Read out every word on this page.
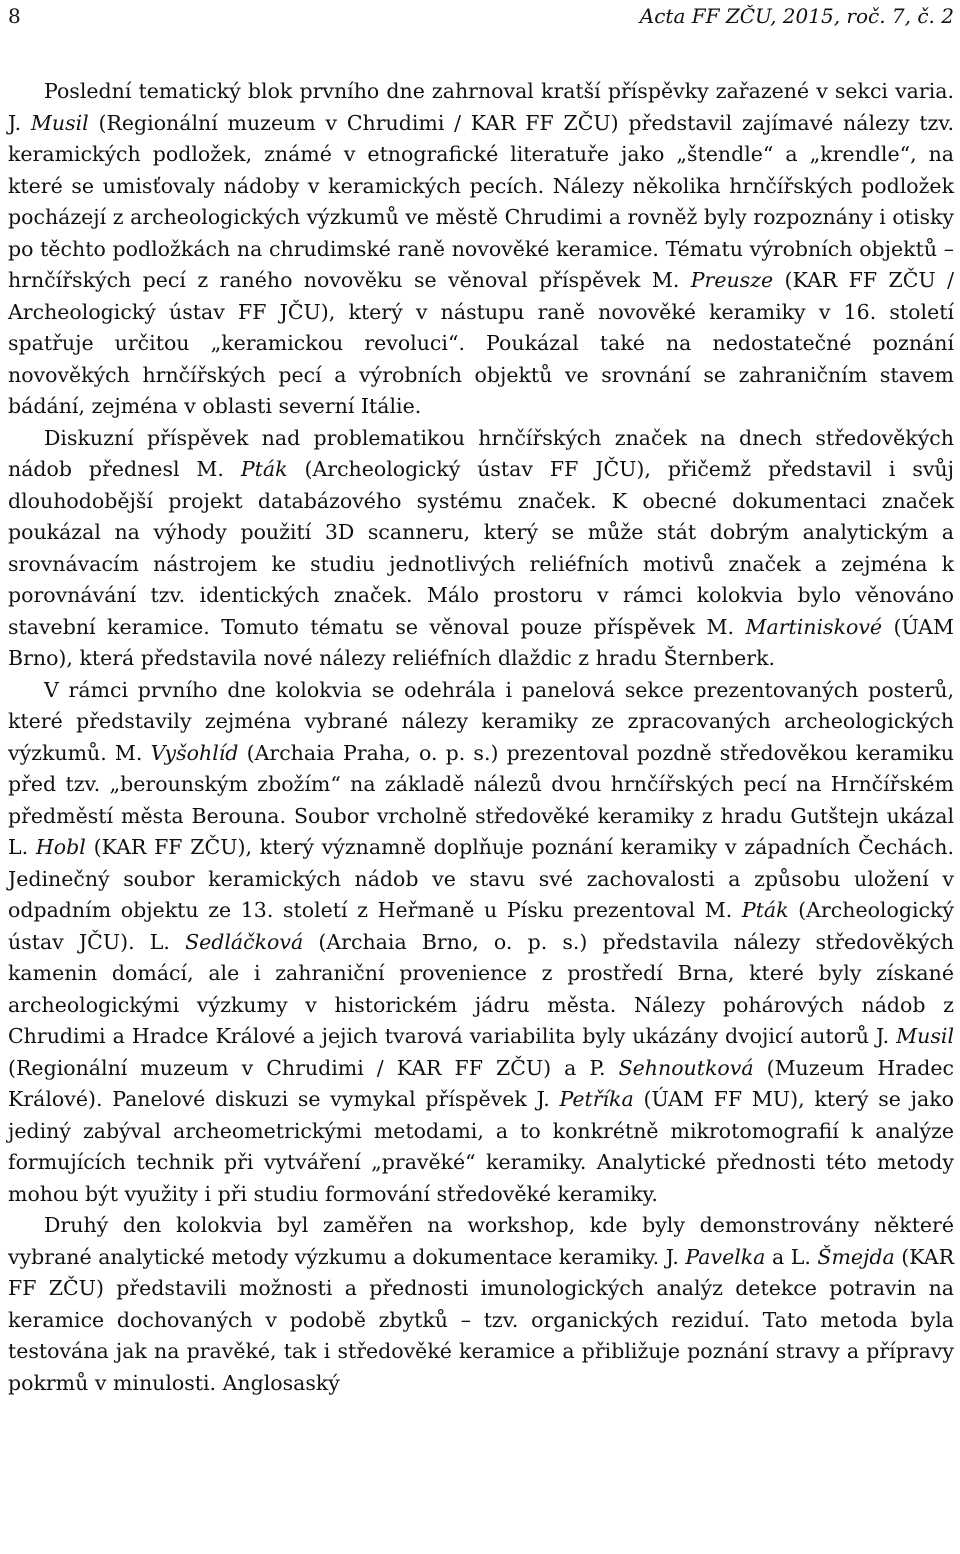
8	Acta FF ZČU, 2015, roč. 7, č. 2

Poslední tematický blok prvního dne zahrnoval kratší příspěvky zařazené v sekci varia. J. Musil (Regionální muzeum v Chrudimi / KAR FF ZČU) představil zajímavé nálezy tzv. keramických podložek, známé v etnografické literatuře jako „štendle“ a „krendle“, na které se umisťovaly nádoby v keramických pecích. Nálezy několika hrnčířských podložek pocházejí z archeologických výzkumů ve městě Chrudimi a rovněž byly rozpoznány i otisky po těchto podložkách na chrudimské raně novověké keramice. Tématu výrobních objektů – hrnčířských pecí z raného novověku se věnoval příspěvek M. Preusze (KAR FF ZČU / Archeologický ústav FF JČU), který v nástupu raně novověké keramiky v 16. století spatřuje určitou „keramickou revoluci“. Poukázal také na nedostatečné poznání novověkých hrnčířských pecí a výrobních objektů ve srovnání se zahraničním stavem bádání, zejména v oblasti severní Itálie.

Diskuzní příspěvek nad problematikou hrnčířských značek na dnech středověkých nádob přednesl M. Pták (Archeologický ústav FF JČU), přičemž představil i svůj dlouhodobější projekt databázového systému značek. K obecné dokumentaci značek poukázal na výhody použití 3D scanneru, který se může stát dobrým analytickým a srovnávacím nástrojem ke studiu jednotlivých reliéfních motivů značek a zejména k porovnávání tzv. identických značek. Málo prostoru v rámci kolokvia bylo věnováno stavební keramice. Tomuto tématu se věnoval pouze příspěvek M. Martiniskové (ÚAM Brno), která představila nové nálezy reliéfních dlaždic z hradu Šternberk.

V rámci prvního dne kolokvia se odehrála i panelová sekce prezentovaných posterů, které představily zejména vybrané nálezy keramiky ze zpracovaných archeologických výzkumů. M. Vyšohlíd (Archaia Praha, o. p. s.) prezentoval pozdně středověkou keramiku před tzv. „berounským zbožím“ na základě nálezů dvou hrnčířských pecí na Hrnčířském předměstí města Berouna. Soubor vrcholně středověké keramiky z hradu Gutštejn ukázal L. Hobl (KAR FF ZČU), který významně doplňuje poznání keramiky v západních Čechách. Jedinečný soubor keramických nádob ve stavu své zachovalosti a způsobu uložení v odpadním objektu ze 13. století z Heřmaně u Písku prezentoval M. Pták (Archeologický ústav JČU). L. Sedláčková (Archaia Brno, o. p. s.) představila nálezy středověkých kamenin domácí, ale i zahraniční provenience z prostředí Brna, které byly získané archeologickými výzkumy v historickém jádru města. Nálezy pohárových nádob z Chrudimi a Hradce Králové a jejich tvarová variabilita byly ukázány dvojicí autorů J. Musil (Regionální muzeum v Chrudimi / KAR FF ZČU) a P. Sehnoutková (Muzeum Hradec Králové). Panelové diskuzi se vymykal příspěvek J. Petříka (ÚAM FF MU), který se jako jediný zabýval archeometrickými metodami, a to konkrétně mikrotomografií k analýze formujících technik při vytváření „pravěké“ keramiky. Analytické přednosti této metody mohou být využity i při studiu formování středověké keramiky.

Druhý den kolokvia byl zaměřen na workshop, kde byly demonstrovány některé vybrané analytické metody výzkumu a dokumentace keramiky. J. Pavelka a L. Šmejda (KAR FF ZČU) představili možnosti a přednosti imunologických analýz detekce potravin na keramice dochovaných v podobě zbytků – tzv. organických reziduí. Tato metoda byla testována jak na pravěké, tak i středověké keramice a přibližuje poznání stravy a přípravy pokrmů v minulosti. Anglosaský
